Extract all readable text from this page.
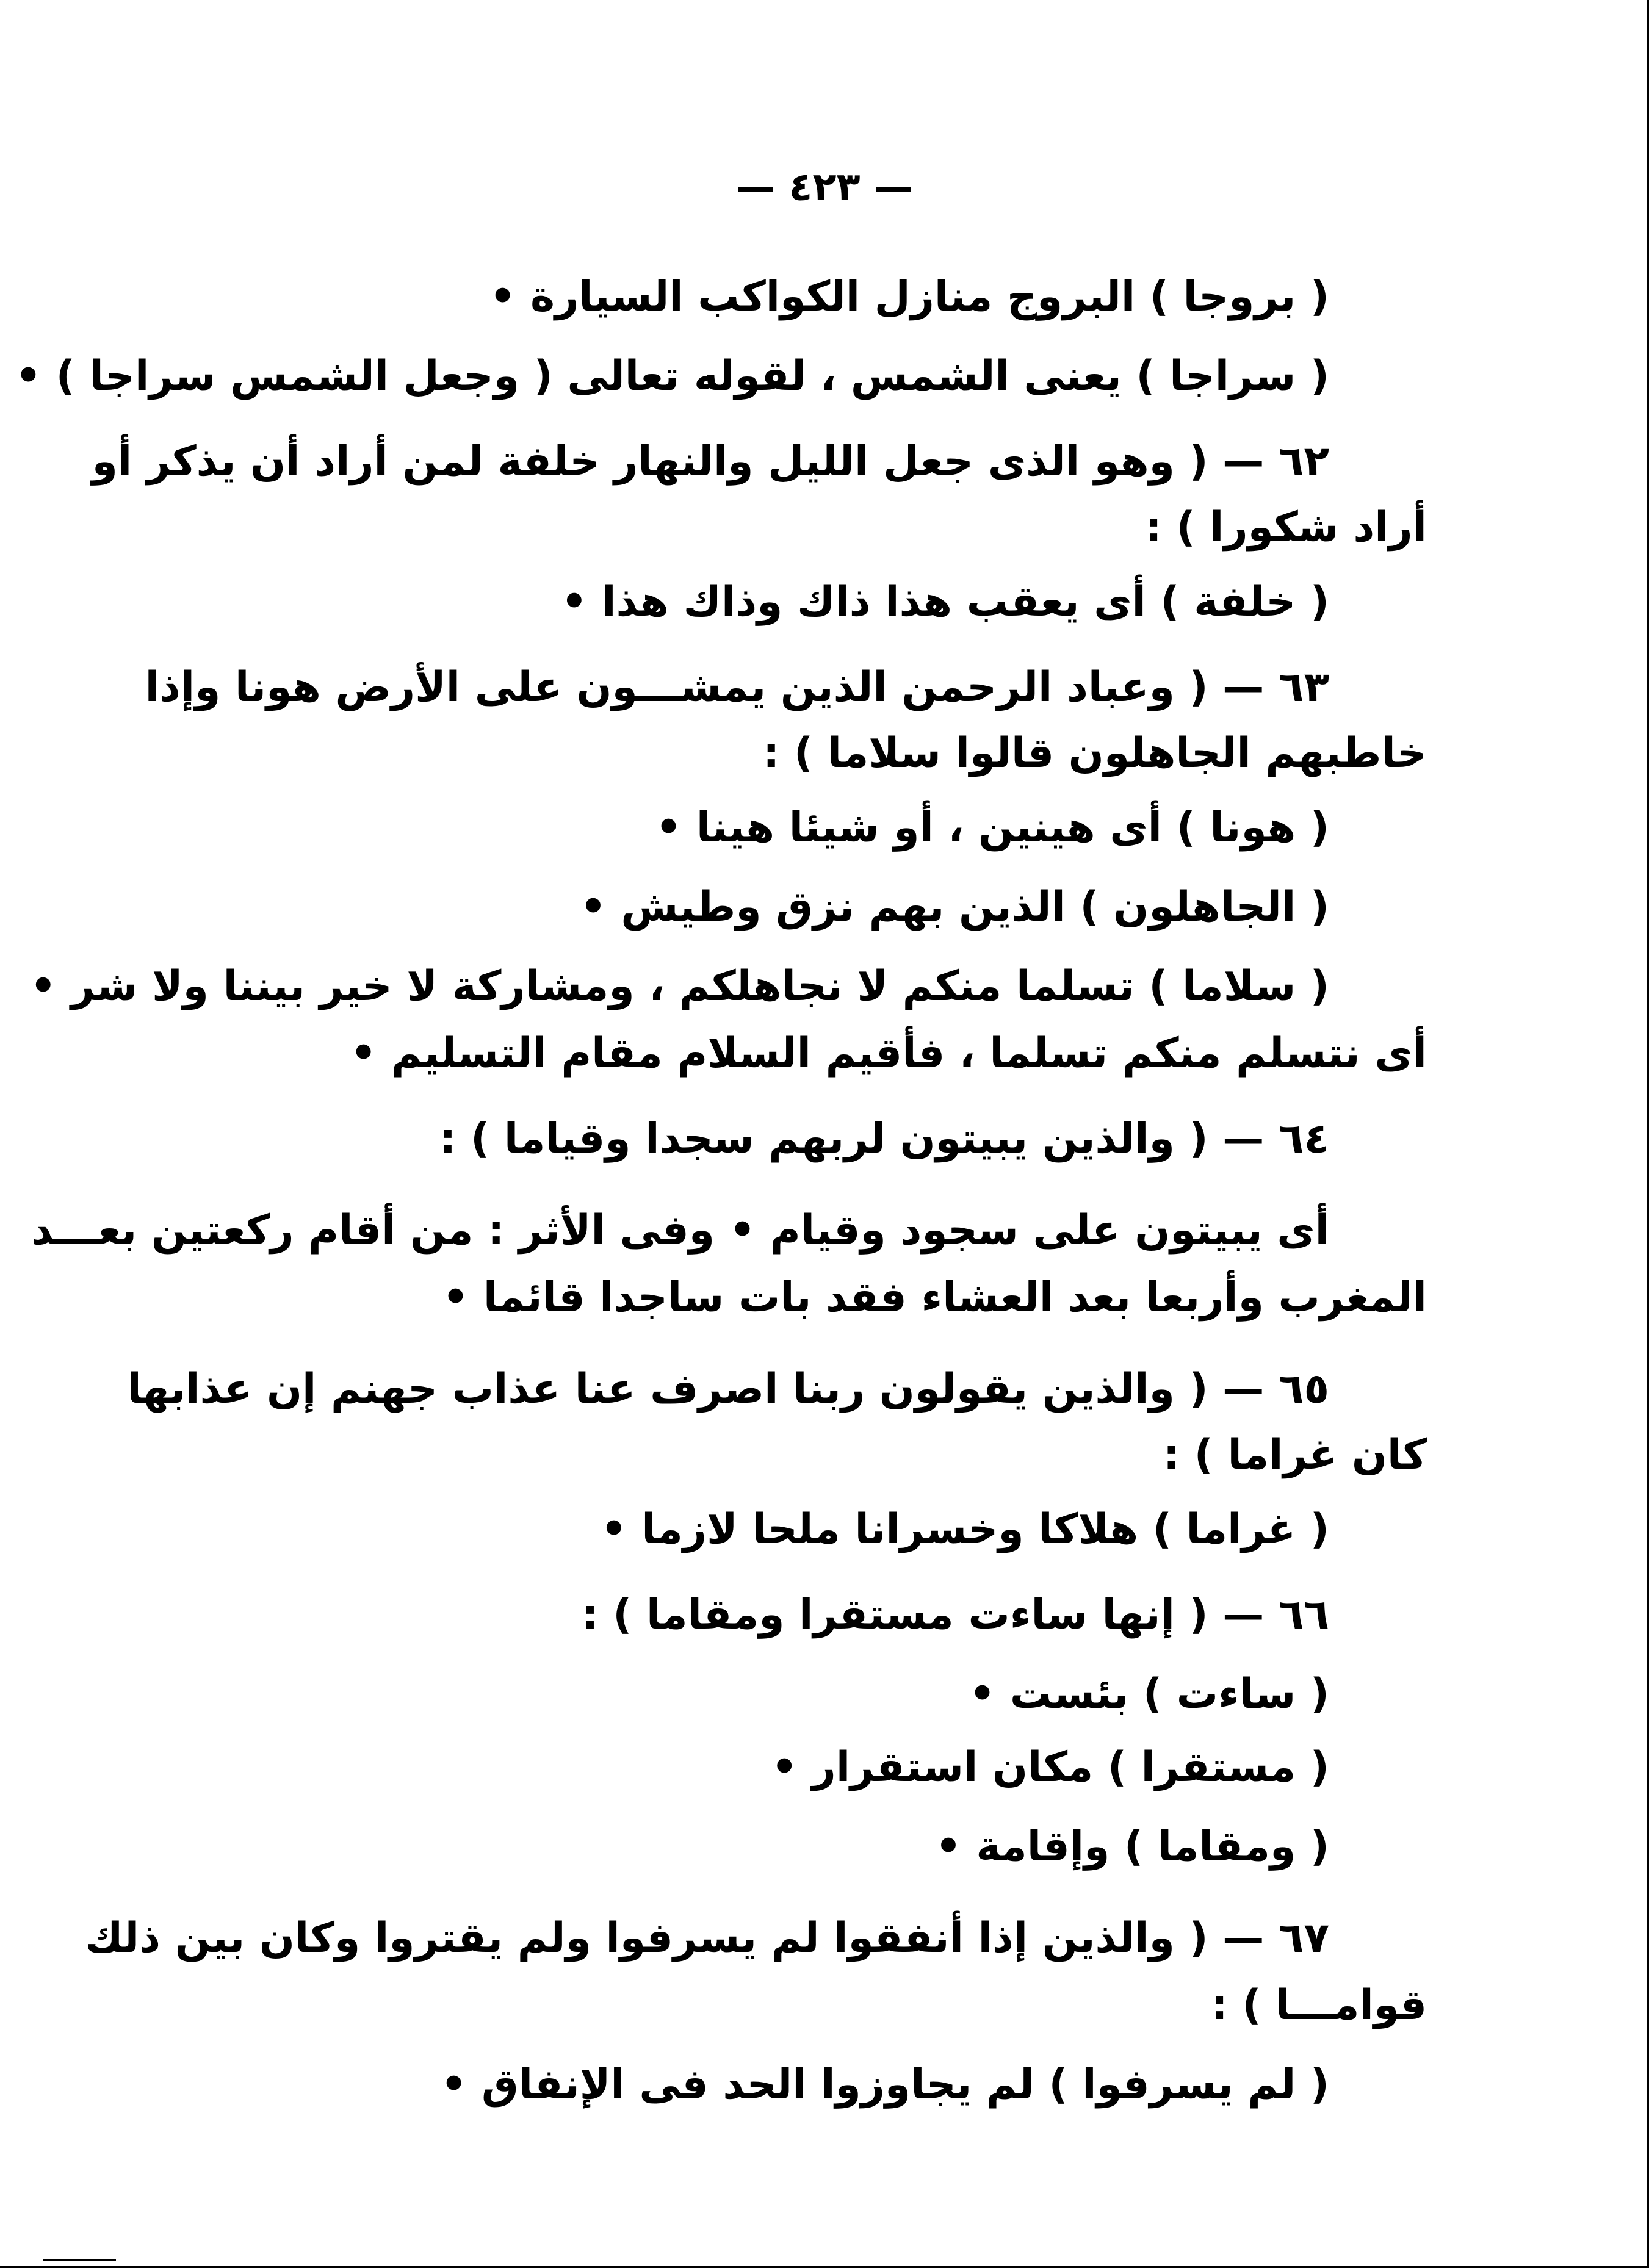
— ٤٢٣ —
( بروجا ) البروج منازل الكواكب السيارة •
( سراجا ) يعنى الشمس ، لقوله تعالى ( وجعل الشمس سراجا ) •
٦٢ — ( وهو الذى جعل الليل والنهار خلفة لمن أراد أن يذكر أو
أراد شكورا ) :
( خلفة ) أى يعقب هذا ذاك وذاك هذا •
٦٣ — ( وعباد الرحمن الذين يمشـــون على الأرض هونا وإذا
خاطبهم الجاهلون قالوا سلاما ) :
( هونا ) أى هينين ، أو شيئا هينا •
( الجاهلون ) الذين بهم نزق وطيش •
( سلاما ) تسلما منكم لا نجاهلكم ، ومشاركة لا خير بيننا ولا شر •
أى نتسلم منكم تسلما ، فأقيم السلام مقام التسليم •
٦٤ — ( والذين يبيتون لربهم سجدا وقياما ) :
أى يبيتون على سجود وقيام • وفى الأثر : من أقام ركعتين بعـــد
المغرب وأربعا بعد العشاء فقد بات ساجدا قائما •
٦٥ — ( والذين يقولون ربنا اصرف عنا عذاب جهنم إن عذابها
كان غراما ) :
( غراما ) هلاكا وخسرانا ملحا لازما •
٦٦ — ( إنها ساءت مستقرا ومقاما ) :
( ساءت ) بئست •
( مستقرا ) مكان استقرار •
( ومقاما ) وإقامة •
٦٧ — ( والذين إذا أنفقوا لم يسرفوا ولم يقتروا وكان بين ذلك
قوامـــا ) :
( لم يسرفوا ) لم يجاوزوا الحد فى الإنفاق •
